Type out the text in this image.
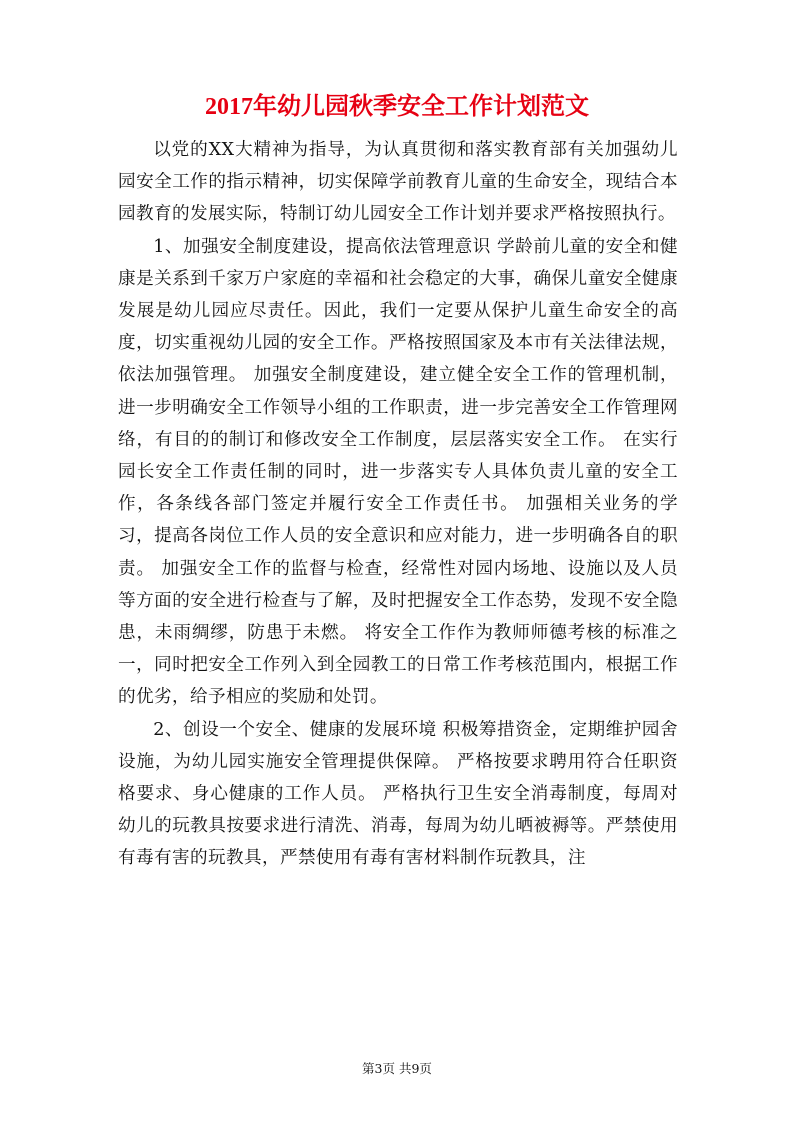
2017年幼儿园秋季安全工作计划范文

以党的XX大精神为指导，为认真贯彻和落实教育部有关加强幼儿园安全工作的指示精神，切实保障学前教育儿童的生命安全，现结合本园教育的发展实际，特制订幼儿园安全工作计划并要求严格按照执行。

1、加强安全制度建设，提高依法管理意识 学龄前儿童的安全和健康是关系到千家万户家庭的幸福和社会稳定的大事，确保儿童安全健康发展是幼儿园应尽责任。因此，我们一定要从保护儿童生命安全的高度，切实重视幼儿园的安全工作。严格按照国家及本市有关法律法规，依法加强管理。 加强安全制度建设，建立健全安全工作的管理机制，进一步明确安全工作领导小组的工作职责，进一步完善安全工作管理网络，有目的的制订和修改安全工作制度，层层落实安全工作。 在实行园长安全工作责任制的同时，进一步落实专人具体负责儿童的安全工作，各条线各部门签定并履行安全工作责任书。 加强相关业务的学习，提高各岗位工作人员的安全意识和应对能力，进一步明确各自的职责。 加强安全工作的监督与检查，经常性对园内场地、设施以及人员等方面的安全进行检查与了解，及时把握安全工作态势，发现不安全隐患，未雨绸缪，防患于未燃。 将安全工作作为教师师德考核的标准之一，同时把安全工作列入到全园教工的日常工作考核范围内，根据工作的优劣，给予相应的奖励和处罚。

2、创设一个安全、健康的发展环境 积极筹措资金，定期维护园舍设施，为幼儿园实施安全管理提供保障。 严格按要求聘用符合任职资格要求、身心健康的工作人员。 严格执行卫生安全消毒制度，每周对幼儿的玩教具按要求进行清洗、消毒，每周为幼儿晒被褥等。严禁使用有毒有害的玩教具，严禁使用有毒有害材料制作玩教具，注

第3页 共9页
